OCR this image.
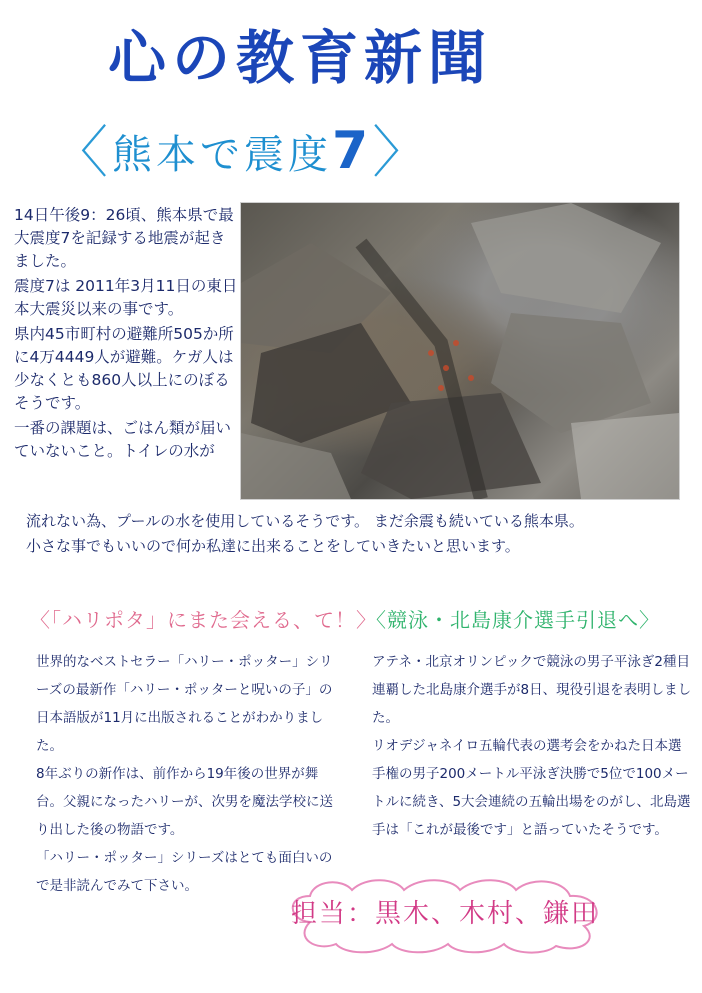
心の教育新聞
〈熊本で震度7〉

14日午後9：26頃、熊本県で最大震度7を記録する地震が起きました。

震度7は 2011年3月11日の東日本大震災以来の事です。

県内45市町村の避難所505か所に4万4449人が避難。ケガ人は少なくとも860人以上にのぼるそうです。

一番の課題は、ごはん類が届いていないこと。トイレの水が

流れない為、プールの水を使用しているそうです。 まだ余震も続いている熊本県。

小さな事でもいいので何か私達に出来ることをしていきたいと思います。

〈「ハリポタ」にまた会える、て！〉

世界的なベストセラー「ハリー・ポッター」シリーズの最新作「ハリー・ポッターと呪いの子」の日本語版が11月に出版されることがわかりました。

8年ぶりの新作は、前作から19年後の世界が舞台。父親になったハリーが、次男を魔法学校に送り出した後の物語です。

「ハリー・ポッター」シリーズはとても面白いので是非読んでみて下さい。

〈競泳・北島康介選手引退へ〉

アテネ・北京オリンピックで競泳の男子平泳ぎ2種目連覇した北島康介選手が8日、現役引退を表明しました。

リオデジャネイロ五輪代表の選考会をかねた日本選手権の男子200メートル平泳ぎ決勝で5位で100メートルに続き、5大会連続の五輪出場をのがし、北島選手は「これが最後です」と語っていたそうです。

担当：黒木、木村、鎌田
